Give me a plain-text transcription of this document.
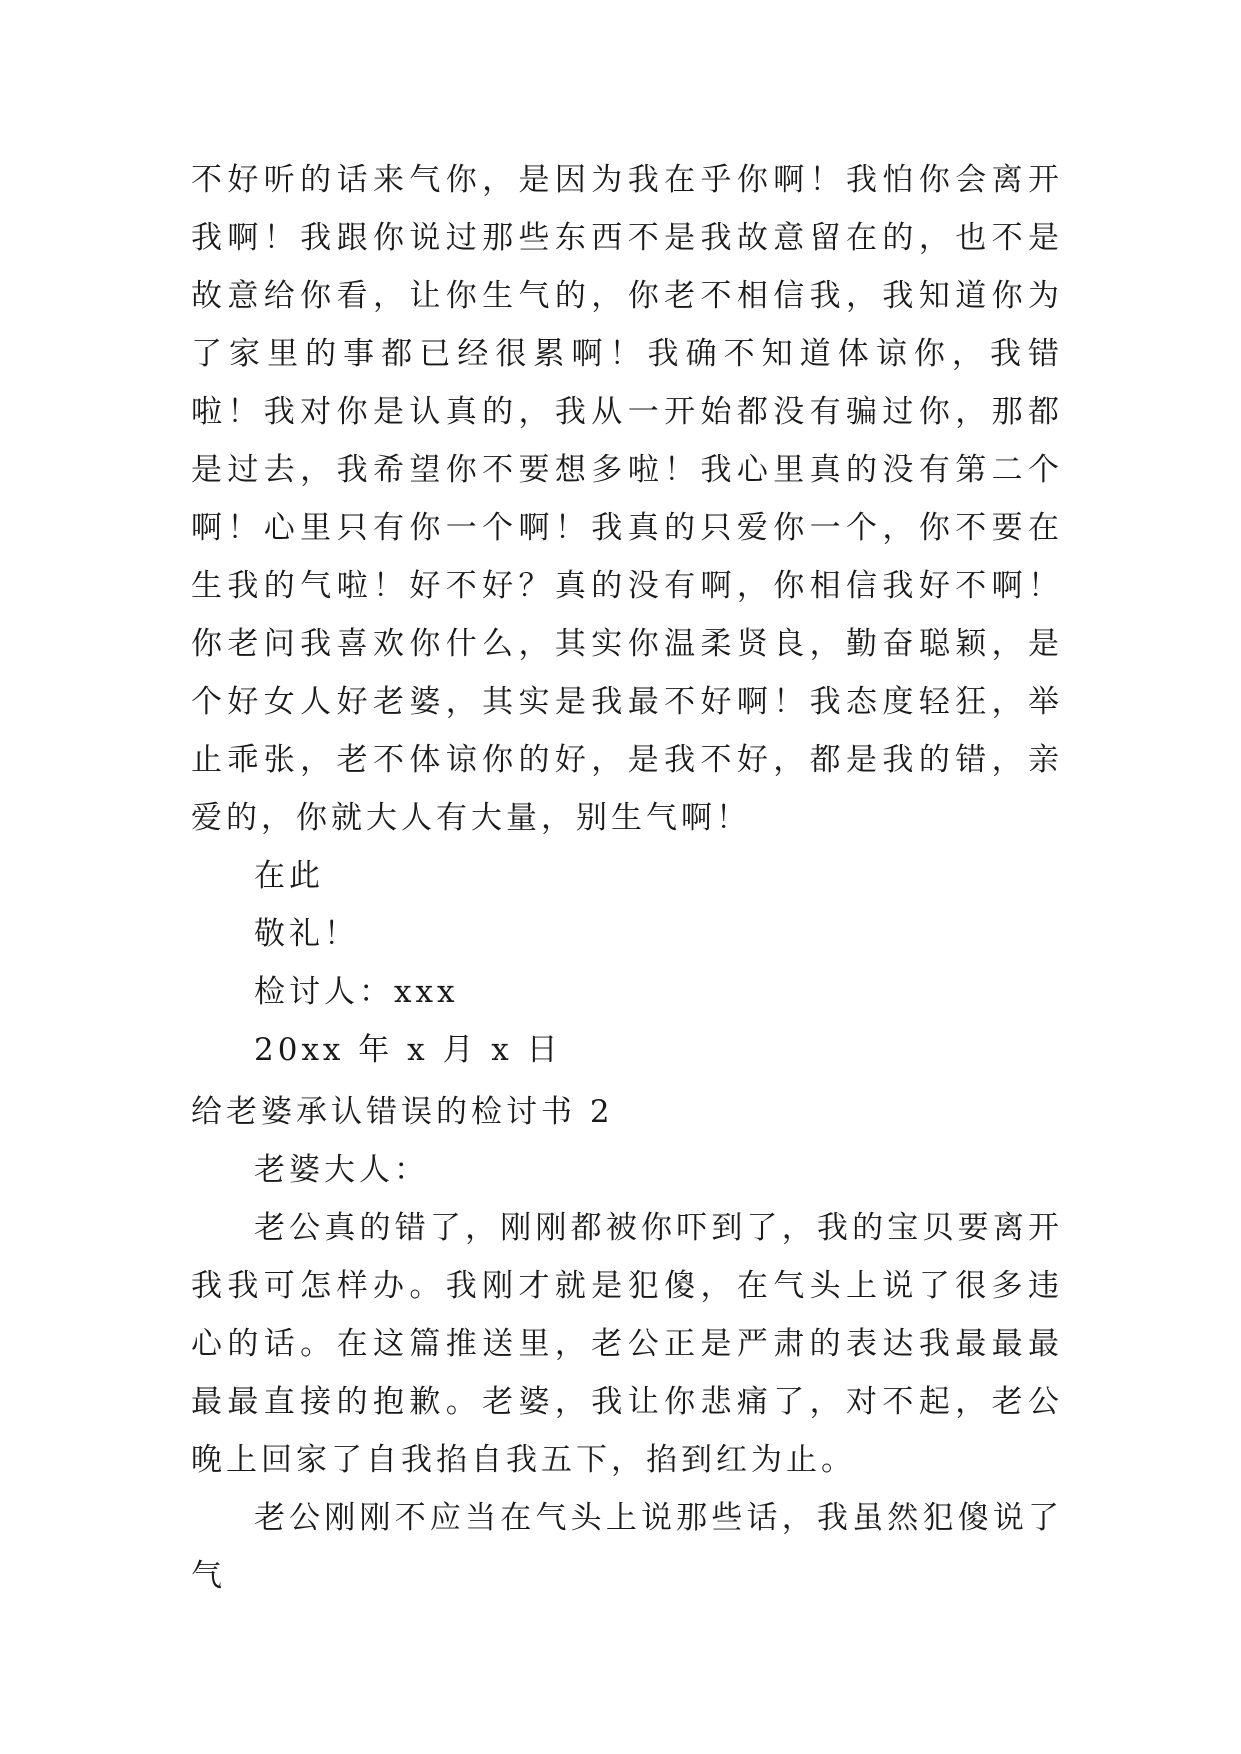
不好听的话来气你，是因为我在乎你啊！我怕你会离开我啊！我跟你说过那些东西不是我故意留在的，也不是故意给你看，让你生气的，你老不相信我，我知道你为了家里的事都已经很累啊！我确不知道体谅你，我错啦！我对你是认真的，我从一开始都没有骗过你，那都是过去，我希望你不要想多啦！我心里真的没有第二个啊！心里只有你一个啊！我真的只爱你一个，你不要在生我的气啦！好不好？真的没有啊，你相信我好不啊！你老问我喜欢你什么，其实你温柔贤良，勤奋聪颖，是个好女人好老婆，其实是我最不好啊！我态度轻狂，举止乖张，老不体谅你的好，是我不好，都是我的错，亲爱的，你就大人有大量，别生气啊！

在此

敬礼！

检讨人：xxx

20xx 年 x 月 x 日

给老婆承认错误的检讨书 2

老婆大人：

老公真的错了，刚刚都被你吓到了，我的宝贝要离开我我可怎样办。我刚才就是犯傻，在气头上说了很多违心的话。在这篇推送里，老公正是严肃的表达我最最最最最直接的抱歉。老婆，我让你悲痛了，对不起，老公晚上回家了自我掐自我五下，掐到红为止。

老公刚刚不应当在气头上说那些话，我虽然犯傻说了气
